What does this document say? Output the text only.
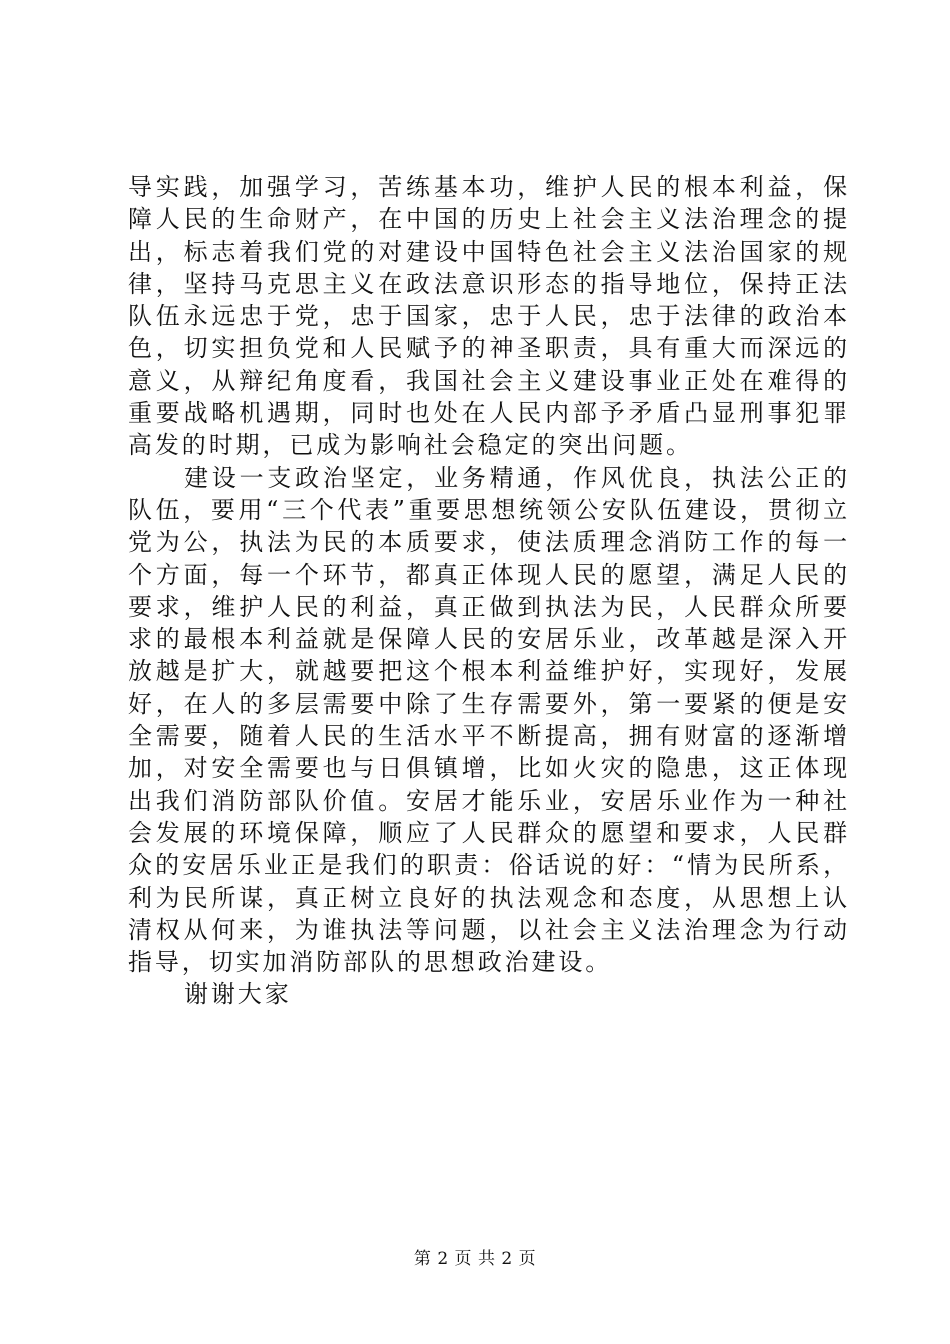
导实践，加强学习，苦练基本功，维护人民的根本利益，保障人民的生命财产，在中国的历史上社会主义法治理念的提出，标志着我们党的对建设中国特色社会主义法治国家的规律，坚持马克思主义在政法意识形态的指导地位，保持正法队伍永远忠于党，忠于国家，忠于人民，忠于法律的政治本色，切实担负党和人民赋予的神圣职责，具有重大而深远的意义，从辩纪角度看，我国社会主义建设事业正处在难得的重要战略机遇期，同时也处在人民内部予矛盾凸显刑事犯罪高发的时期，已成为影响社会稳定的突出问题。

建设一支政治坚定，业务精通，作风优良，执法公正的队伍，要用“三个代表”重要思想统领公安队伍建设，贯彻立党为公，执法为民的本质要求，使法质理念消防工作的每一个方面，每一个环节，都真正体现人民的愿望，满足人民的要求，维护人民的利益，真正做到执法为民，人民群众所要求的最根本利益就是保障人民的安居乐业，改革越是深入开放越是扩大，就越要把这个根本利益维护好，实现好，发展好，在人的多层需要中除了生存需要外，第一要紧的便是安全需要，随着人民的生活水平不断提高，拥有财富的逐渐增加，对安全需要也与日俱镇增，比如火灾的隐患，这正体现出我们消防部队价值。安居才能乐业，安居乐业作为一种社会发展的环境保障，顺应了人民群众的愿望和要求，人民群众的安居乐业正是我们的职责：俗话说的好：“情为民所系，利为民所谋，真正树立良好的执法观念和态度，从思想上认清权从何来，为谁执法等问题，以社会主义法治理念为行动指导，切实加消防部队的思想政治建设。

谢谢大家

第 2 页 共 2 页
